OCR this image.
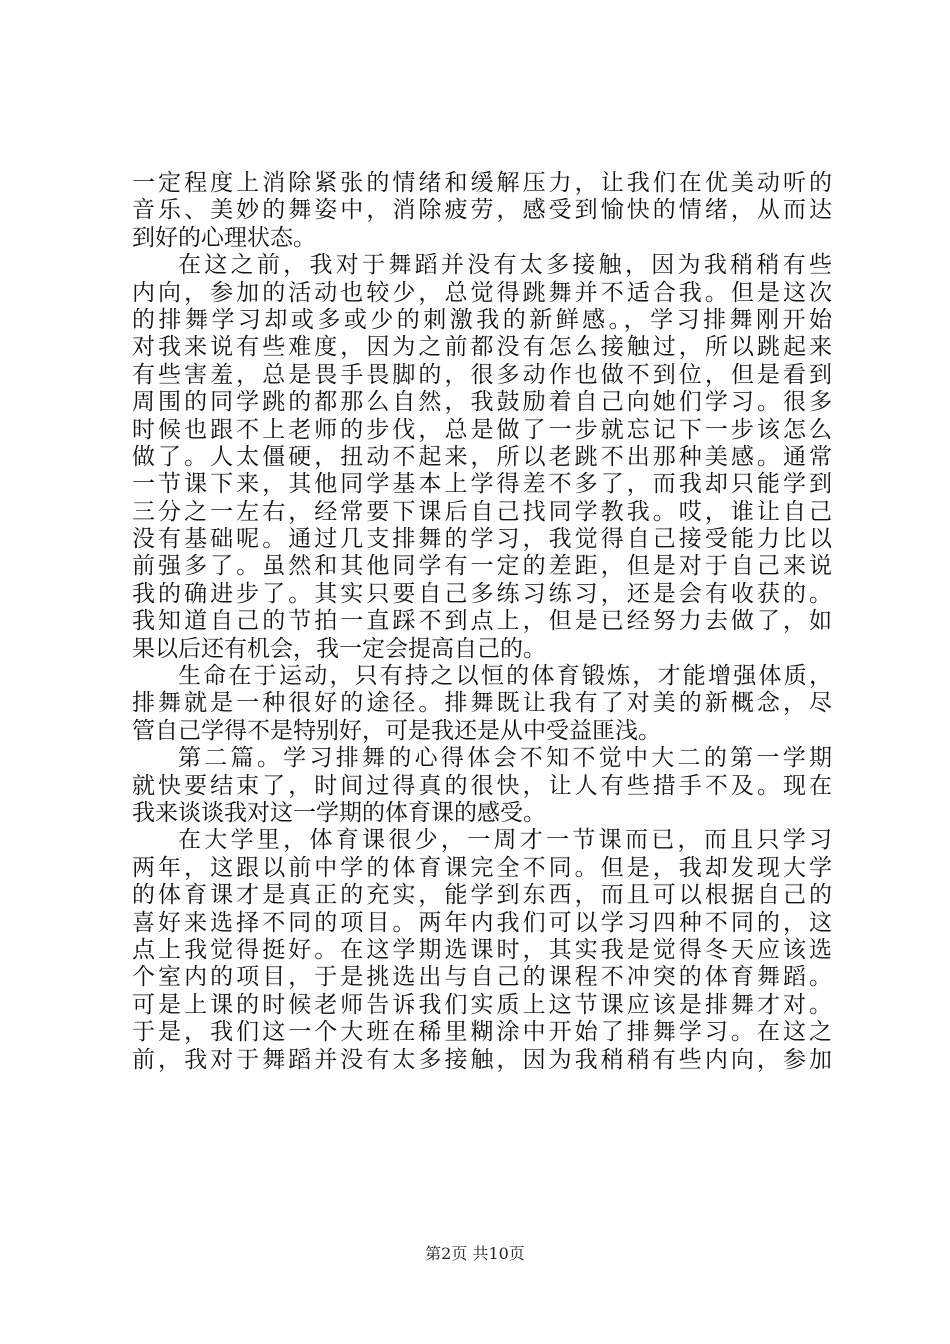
一定程度上消除紧张的情绪和缓解压力，让我们在优美动听的
音乐、美妙的舞姿中，消除疲劳，感受到愉快的情绪，从而达
到好的心理状态。
在这之前，我对于舞蹈并没有太多接触，因为我稍稍有些
内向，参加的活动也较少，总觉得跳舞并不适合我。但是这次
的排舞学习却或多或少的刺激我的新鲜感。，学习排舞刚开始
对我来说有些难度，因为之前都没有怎么接触过，所以跳起来
有些害羞，总是畏手畏脚的，很多动作也做不到位，但是看到
周围的同学跳的都那么自然，我鼓励着自己向她们学习。很多
时候也跟不上老师的步伐，总是做了一步就忘记下一步该怎么
做了。人太僵硬，扭动不起来，所以老跳不出那种美感。通常
一节课下来，其他同学基本上学得差不多了，而我却只能学到
三分之一左右，经常要下课后自己找同学教我。哎，谁让自己
没有基础呢。通过几支排舞的学习，我觉得自己接受能力比以
前强多了。虽然和其他同学有一定的差距，但是对于自己来说
我的确进步了。其实只要自己多练习练习，还是会有收获的。
我知道自己的节拍一直踩不到点上，但是已经努力去做了，如
果以后还有机会，我一定会提高自己的。
生命在于运动，只有持之以恒的体育锻炼，才能增强体质，
排舞就是一种很好的途径。排舞既让我有了对美的新概念，尽
管自己学得不是特别好，可是我还是从中受益匪浅。
第二篇。学习排舞的心得体会不知不觉中大二的第一学期
就快要结束了，时间过得真的很快，让人有些措手不及。现在
我来谈谈我对这一学期的体育课的感受。
在大学里，体育课很少，一周才一节课而已，而且只学习
两年，这跟以前中学的体育课完全不同。但是，我却发现大学
的体育课才是真正的充实，能学到东西，而且可以根据自己的
喜好来选择不同的项目。两年内我们可以学习四种不同的，这
点上我觉得挺好。在这学期选课时，其实我是觉得冬天应该选
个室内的项目，于是挑选出与自己的课程不冲突的体育舞蹈。
可是上课的时候老师告诉我们实质上这节课应该是排舞才对。
于是，我们这一个大班在稀里糊涂中开始了排舞学习。在这之
前，我对于舞蹈并没有太多接触，因为我稍稍有些内向，参加
第2页 共10页
